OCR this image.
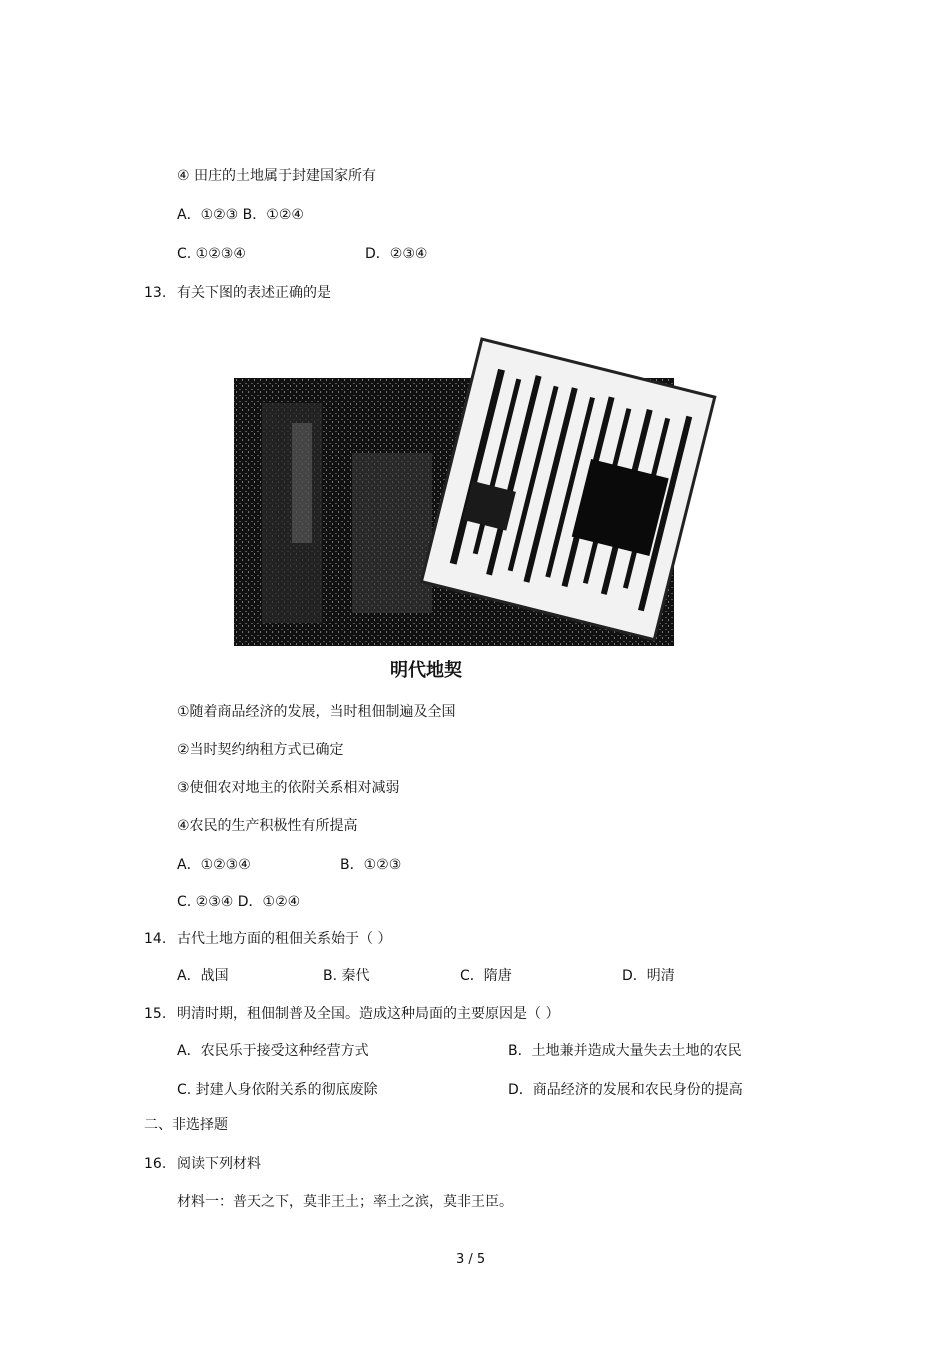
④ 田庄的土地属于封建国家所有
A．①②③ B．①②④
C. ①②③④	D．②③④
13. 有关下图的表述正确的是
明代地契
①随着商品经济的发展，当时租佃制遍及全国
②当时契约纳租方式已确定
③使佃农对地主的依附关系相对减弱
④农民的生产积极性有所提高
A．①②③④	B．①②③
C. ②③④ D．①②④
14. 古代土地方面的租佃关系始于（ ）
A．战国	B. 秦代	C．隋唐	D．明清
15. 明清时期，租佃制普及全国。造成这种局面的主要原因是（ ）
A．农民乐于接受这种经营方式	B．土地兼并造成大量失去土地的农民
C. 封建人身依附关系的彻底废除	D．商品经济的发展和农民身份的提高
二、非选择题
16. 阅读下列材料
材料一：普天之下，莫非王土；率土之滨，莫非王臣。
3 / 5
